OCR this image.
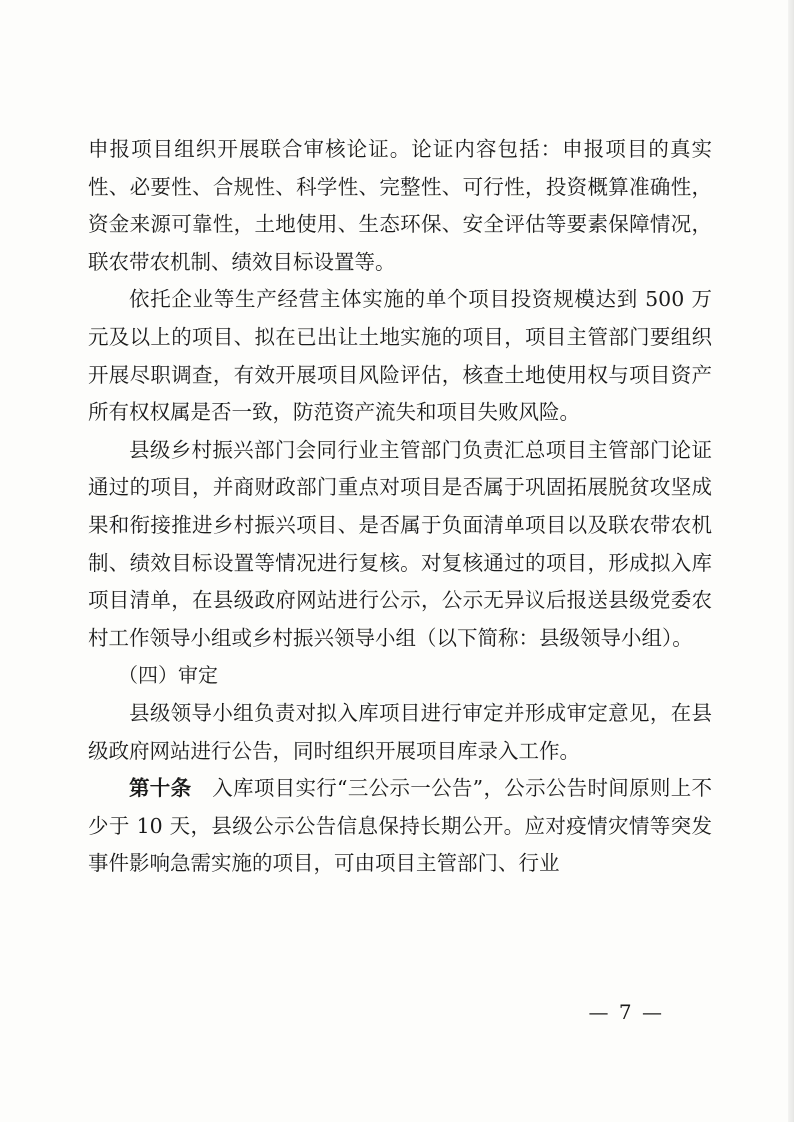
申报项目组织开展联合审核论证。论证内容包括：申报项目的真实性、必要性、合规性、科学性、完整性、可行性，投资概算准确性，资金来源可靠性，土地使用、生态环保、安全评估等要素保障情况，联农带农机制、绩效目标设置等。

依托企业等生产经营主体实施的单个项目投资规模达到 500 万元及以上的项目、拟在已出让土地实施的项目，项目主管部门要组织开展尽职调查，有效开展项目风险评估，核查土地使用权与项目资产所有权权属是否一致，防范资产流失和项目失败风险。

县级乡村振兴部门会同行业主管部门负责汇总项目主管部门论证通过的项目，并商财政部门重点对项目是否属于巩固拓展脱贫攻坚成果和衔接推进乡村振兴项目、是否属于负面清单项目以及联农带农机制、绩效目标设置等情况进行复核。对复核通过的项目，形成拟入库项目清单，在县级政府网站进行公示，公示无异议后报送县级党委农村工作领导小组或乡村振兴领导小组（以下简称：县级领导小组）。

（四）审定

县级领导小组负责对拟入库项目进行审定并形成审定意见，在县级政府网站进行公告，同时组织开展项目库录入工作。

第十条　 入库项目实行“三公示一公告”，公示公告时间原则上不少于 10 天，县级公示公告信息保持长期公开。应对疫情灾情等突发事件影响急需实施的项目，可由项目主管部门、行业

— 7 —
